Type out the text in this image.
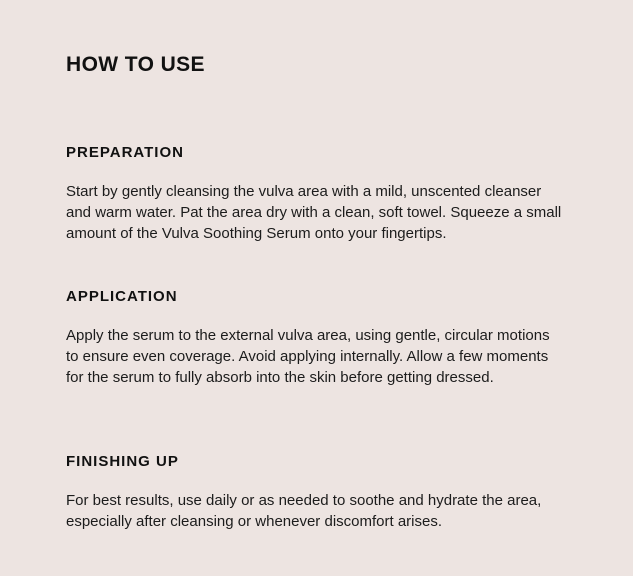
HOW TO USE
PREPARATION

Start by gently cleansing the vulva area with a mild, unscented cleanser and warm water. Pat the area dry with a clean, soft towel. Squeeze a small amount of the Vulva Soothing Serum onto your fingertips.

APPLICATION

Apply the serum to the external vulva area, using gentle, circular motions to ensure even coverage. Avoid applying internally. Allow a few moments for the serum to fully absorb into the skin before getting dressed.

FINISHING UP

For best results, use daily or as needed to soothe and hydrate the area, especially after cleansing or whenever discomfort arises.
